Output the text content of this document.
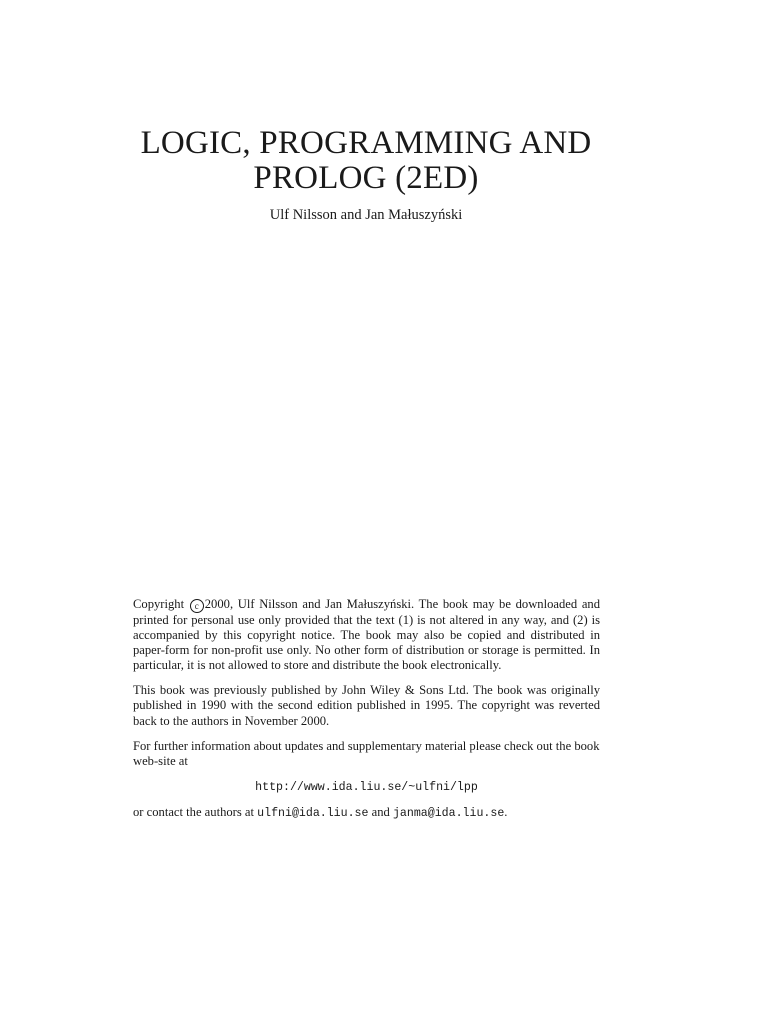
LOGIC, PROGRAMMING AND
PROLOG (2ED)

Ulf Nilsson and Jan Małuszyński

Copyright c 2000, Ulf Nilsson and Jan Małuszyński. The book may be downloaded and printed for personal use only provided that the text (1) is not altered in any way, and (2) is accompanied by this copyright notice. The book may also be copied and distributed in paper-form for non-profit use only. No other form of distribution or storage is permitted. In particular, it is not allowed to store and distribute the book electronically.

This book was previously published by John Wiley & Sons Ltd. The book was originally published in 1990 with the second edition published in 1995. The copyright was reverted back to the authors in November 2000.

For further information about updates and supplementary material please check out the book web-site at

http://www.ida.liu.se/~ulfni/lpp

or contact the authors at ulfni@ida.liu.se and janma@ida.liu.se.
